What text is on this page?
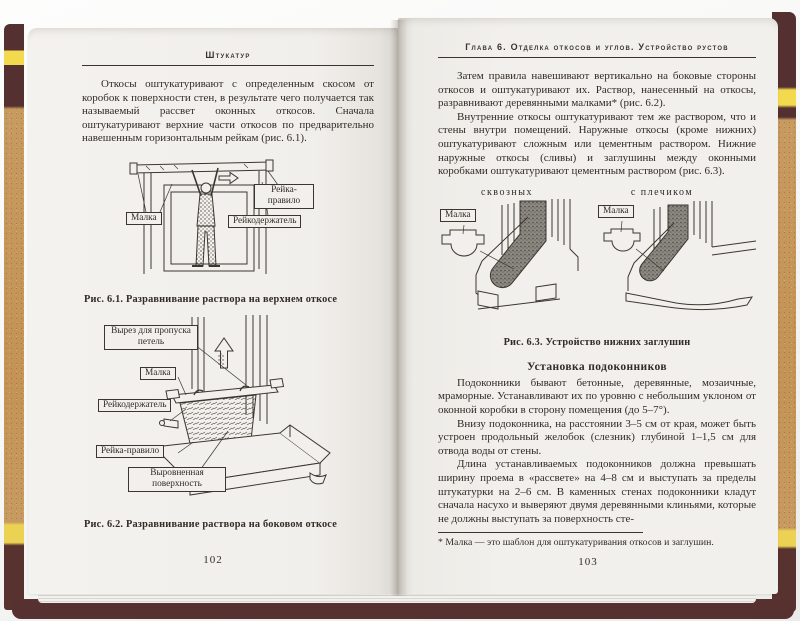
Штукатур

Откосы оштукатуривают с определенным скосом от коробок к поверхности стен, в результате чего получается так называемый рассвет оконных откосов. Сначала оштукатуривают верхние части откосов по предварительно навешенным горизонтальным рейкам (рис. 6.1).

Малка
Рейка-правило
Рейкодержатель

Рис. 6.1. Разравнивание раствора на верхнем откосе

Вырез для пропуска петель
Малка
Рейкодержатель
Рейка-правило
Выровненная поверхность

Рис. 6.2. Разравнивание раствора на боковом откосе

102
Глава 6. Отделка откосов и углов. Устройство рустов

Затем правила навешивают вертикально на боковые стороны откосов и оштукатуривают их. Раствор, нанесенный на откосы, разравнивают деревянными малками* (рис. 6.2).

Внутренние откосы оштукатуривают тем же раствором, что и стены внутри помещений. Наружные откосы (кроме нижних) оштукатуривают сложным или цементным раствором. Нижние наружные откосы (сливы) и заглушины между оконными коробками оштукатуривают цементным раствором (рис. 6.3).

сквозных	с плечиком
Малка	Малка

Рис. 6.3. Устройство нижних заглушин

Установка подоконников

Подоконники бывают бетонные, деревянные, мозаичные, мраморные. Устанавливают их по уровню с небольшим уклоном от оконной коробки в сторону помещения (до 5–7°).

Внизу подоконника, на расстоянии 3–5 см от края, может быть устроен продольный желобок (слезник) глубиной 1–1,5 см для отвода воды от стены.

Длина устанавливаемых подоконников должна превышать ширину проема в «рассвете» на 4–8 см и выступать за пределы штукатурки на 2–6 см. В каменных стенах подоконники кладут сначала насухо и выверяют двумя деревянными клиньями, которые не должны выступать за поверхность сте-

* Малка — это шаблон для оштукатуривания откосов и заглушин.

103
